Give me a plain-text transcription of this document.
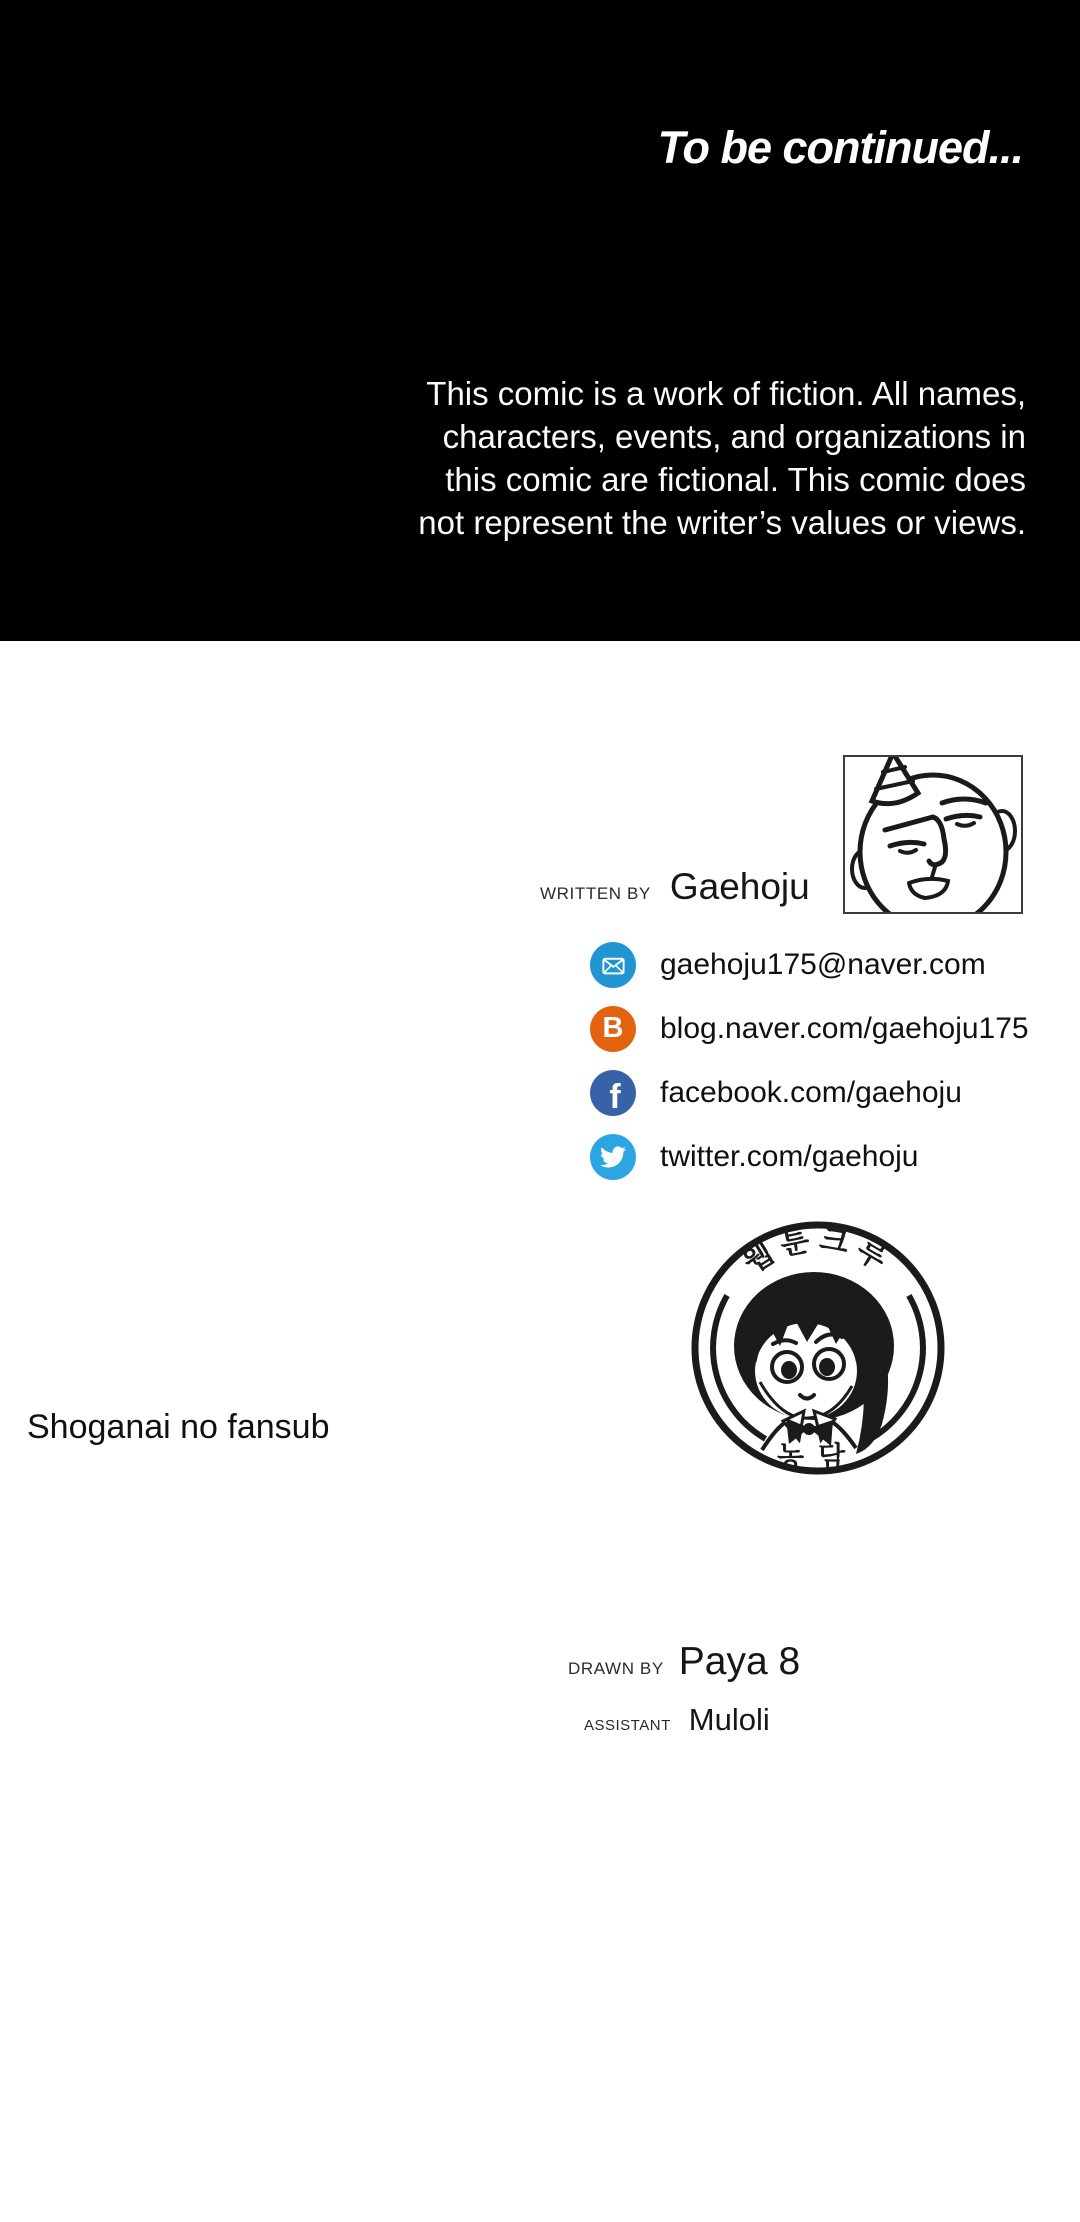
To be continued...
This comic is a work of fiction. All names,
characters, events, and organizations in
this comic are fictional. This comic does
not represent the writer’s values or views.
WRITTEN BY Gaehoju
gaehoju175@naver.com
B blog.naver.com/gaehoju175
f facebook.com/gaehoju
twitter.com/gaehoju
웹툰크루
농담
Shoganai no fansub
DRAWN BY Paya 8
ASSISTANT Muloli
